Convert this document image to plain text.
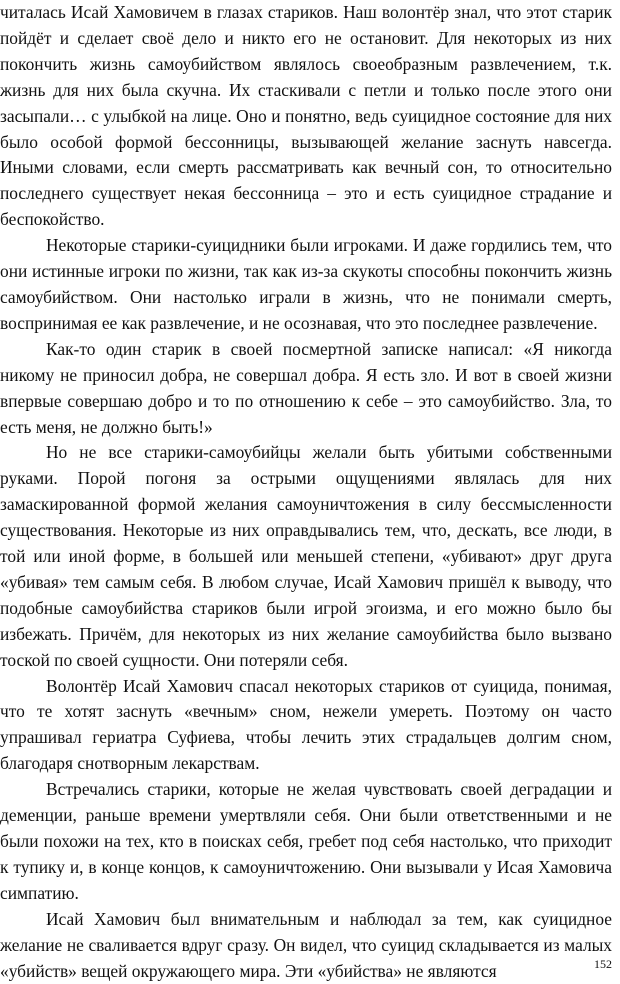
читалась Исай Хамовичем в глазах стариков. Наш волонтёр знал, что этот старик пойдёт и сделает своё дело и никто его не остановит. Для некоторых из них покончить жизнь самоубийством являлось своеобразным развлечением, т.к. жизнь для них была скучна. Их стаскивали с петли и только после этого они засыпали… с улыбкой на лице. Оно и понятно, ведь суицидное состояние для них было особой формой бессонницы, вызывающей желание заснуть навсегда. Иными словами, если смерть рассматривать как вечный сон, то относительно последнего существует некая бессонница – это и есть суицидное страдание и беспокойство.

Некоторые старики-суицидники были игроками. И даже гордились тем, что они истинные игроки по жизни, так как из-за скукоты способны покончить жизнь самоубийством. Они настолько играли в жизнь, что не понимали смерть, воспринимая ее как развлечение, и не осознавая, что это последнее развлечение.

Как-то один старик в своей посмертной записке написал: «Я никогда никому не приносил добра, не совершал добра. Я есть зло. И вот в своей жизни впервые совершаю добро и то по отношению к себе – это самоубийство. Зла, то есть меня, не должно быть!»

Но не все старики-самоубийцы желали быть убитыми собственными руками. Порой погоня за острыми ощущениями являлась для них замаскированной формой желания самоуничтожения в силу бессмысленности существования. Некоторые из них оправдывались тем, что, дескать, все люди, в той или иной форме, в большей или меньшей степени, «убивают» друг друга «убивая» тем самым себя. В любом случае, Исай Хамович пришёл к выводу, что подобные самоубийства стариков были игрой эгоизма, и его можно было бы избежать. Причём, для некоторых из них желание самоубийства было вызвано тоской по своей сущности. Они потеряли себя.

Волонтёр Исай Хамович спасал некоторых стариков от суицида, понимая, что те хотят заснуть «вечным» сном, нежели умереть. Поэтому он часто упрашивал гериатра Суфиева, чтобы лечить этих страдальцев долгим сном, благодаря снотворным лекарствам.

Встречались старики, которые не желая чувствовать своей деградации и деменции, раньше времени умертвляли себя. Они были ответственными и не были похожи на тех, кто в поисках себя, гребет под себя настолько, что приходит к тупику и, в конце концов, к самоуничтожению. Они вызывали у Исая Хамовича симпатию.

Исай Хамович был внимательным и наблюдал за тем, как суицидное желание не сваливается вдруг сразу. Он видел, что суицид складывается из малых «убийств» вещей окружающего мира. Эти «убийства» не являются	152
